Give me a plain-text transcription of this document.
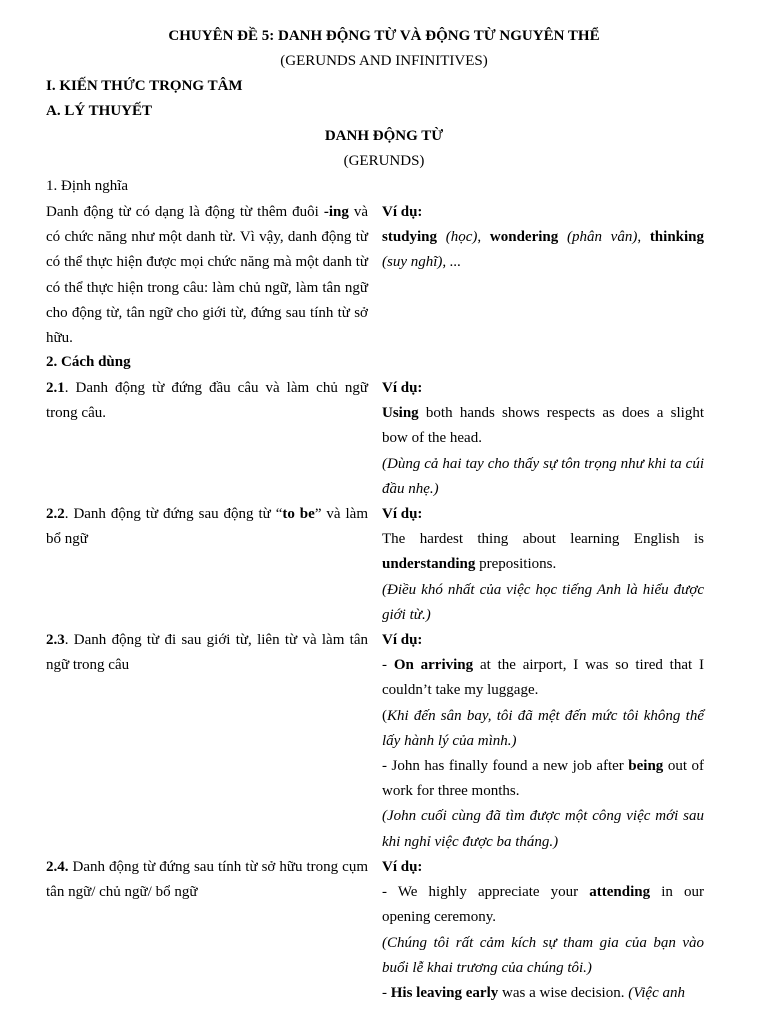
CHUYÊN ĐỀ 5: DANH ĐỘNG TỪ VÀ ĐỘNG TỪ NGUYÊN THỂ
(GERUNDS AND INFINITIVES)
I. KIẾN THỨC TRỌNG TÂM
A. LÝ THUYẾT
DANH ĐỘNG TỪ
(GERUNDS)
1. Định nghĩa

Danh động từ có dạng là động từ thêm đuôi -ing và có chức năng như một danh từ. Vì vậy, danh động từ có thể thực hiện được mọi chức năng mà một danh từ có thể thực hiện trong câu: làm chủ ngữ, làm tân ngữ cho động từ, tân ngữ cho giới từ, đứng sau tính từ sở hữu.

Ví dụ:

studying (học), wondering (phân vân), thinking (suy nghĩ), ...

2. Cách dùng

2.1. Danh động từ đứng đầu câu và làm chủ ngữ trong câu.

Ví dụ:

Using both hands shows respects as does a slight bow of the head.

(Dùng cả hai tay cho thấy sự tôn trọng như khi ta cúi đầu nhẹ.)

2.2. Danh động từ đứng sau động từ “to be” và làm bổ ngữ

Ví dụ:

The hardest thing about learning English is understanding prepositions.

(Điều khó nhất của việc học tiếng Anh là hiểu được giới từ.)

2.3. Danh động từ đi sau giới từ, liên từ và làm tân ngữ trong câu

Ví dụ:

- On arriving at the airport, I was so tired that I couldn’t take my luggage.

(Khi đến sân bay, tôi đã mệt đến mức tôi không thể lấy hành lý của mình.)

- John has finally found a new job after being out of work for three months.

(John cuối cùng đã tìm được một công việc mới sau khi nghỉ việc được ba tháng.)

2.4. Danh động từ đứng sau tính từ sở hữu trong cụm tân ngữ/ chủ ngữ/ bổ ngữ

Ví dụ:

- We highly appreciate your attending in our opening ceremony.

(Chúng tôi rất cảm kích sự tham gia của bạn vào buổi lễ khai trương của chúng tôi.)

- His leaving early was a wise decision. (Việc anh
